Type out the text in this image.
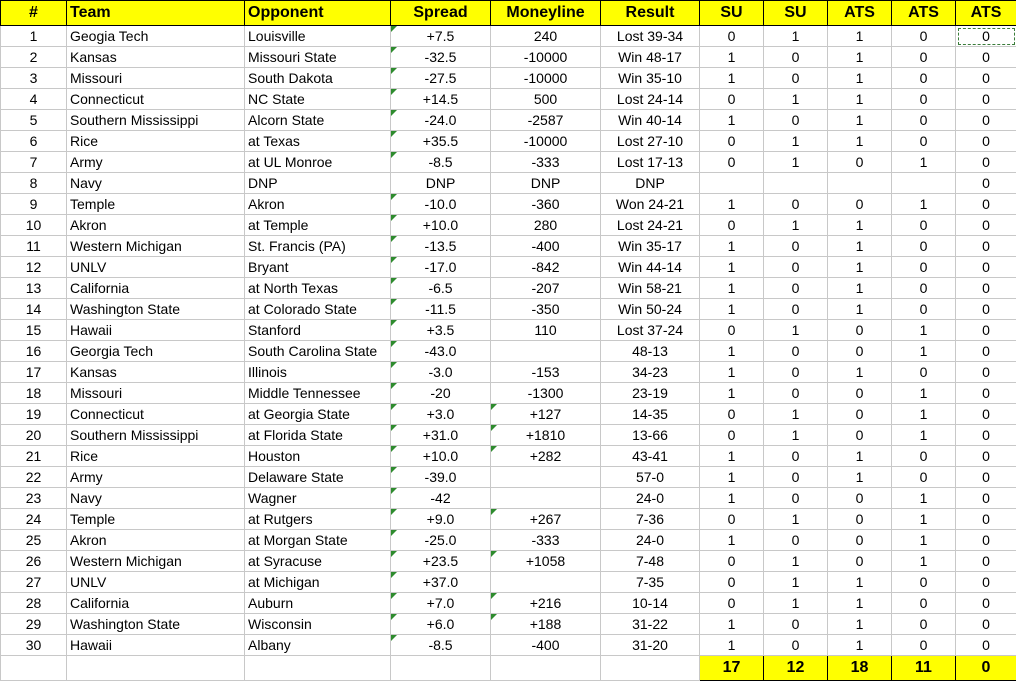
#	Team	Opponent	Spread	Moneyline	Result	SU	SU	ATS	ATS	ATS
1	Geogia Tech	Louisville	+7.5	240	Lost 39-34	0	1	1	0	0
2	Kansas	Missouri State	-32.5	-10000	Win 48-17	1	0	1	0	0
3	Missouri	South Dakota	-27.5	-10000	Win 35-10	1	0	1	0	0
4	Connecticut	NC State	+14.5	500	Lost 24-14	0	1	1	0	0
5	Southern Mississippi	Alcorn State	-24.0	-2587	Win 40-14	1	0	1	0	0
6	Rice	at Texas	+35.5	-10000	Lost 27-10	0	1	1	0	0
7	Army	at UL Monroe	-8.5	-333	Lost 17-13	0	1	0	1	0
8	Navy	DNP	DNP	DNP	DNP					0
9	Temple	Akron	-10.0	-360	Won 24-21	1	0	0	1	0
10	Akron	at Temple	+10.0	280	Lost 24-21	0	1	1	0	0
11	Western Michigan	St. Francis (PA)	-13.5	-400	Win 35-17	1	0	1	0	0
12	UNLV	Bryant	-17.0	-842	Win 44-14	1	0	1	0	0
13	California	at North Texas	-6.5	-207	Win 58-21	1	0	1	0	0
14	Washington State	at Colorado State	-11.5	-350	Win 50-24	1	0	1	0	0
15	Hawaii	Stanford	+3.5	110	Lost 37-24	0	1	0	1	0
16	Georgia Tech	South Carolina State	-43.0		48-13	1	0	0	1	0
17	Kansas	Illinois	-3.0	-153	34-23	1	0	1	0	0
18	Missouri	Middle Tennessee	-20	-1300	23-19	1	0	0	1	0
19	Connecticut	at Georgia State	+3.0	+127	14-35	0	1	0	1	0
20	Southern Mississippi	at Florida State	+31.0	+1810	13-66	0	1	0	1	0
21	Rice	Houston	+10.0	+282	43-41	1	0	1	0	0
22	Army	Delaware State	-39.0		57-0	1	0	1	0	0
23	Navy	Wagner	-42		24-0	1	0	0	1	0
24	Temple	at Rutgers	+9.0	+267	7-36	0	1	0	1	0
25	Akron	at Morgan State	-25.0	-333	24-0	1	0	0	1	0
26	Western Michigan	at Syracuse	+23.5	+1058	7-48	0	1	0	1	0
27	UNLV	at Michigan	+37.0		7-35	0	1	1	0	0
28	California	Auburn	+7.0	+216	10-14	0	1	1	0	0
29	Washington State	Wisconsin	+6.0	+188	31-22	1	0	1	0	0
30	Hawaii	Albany	-8.5	-400	31-20	1	0	1	0	0
						17	12	18	11	0
